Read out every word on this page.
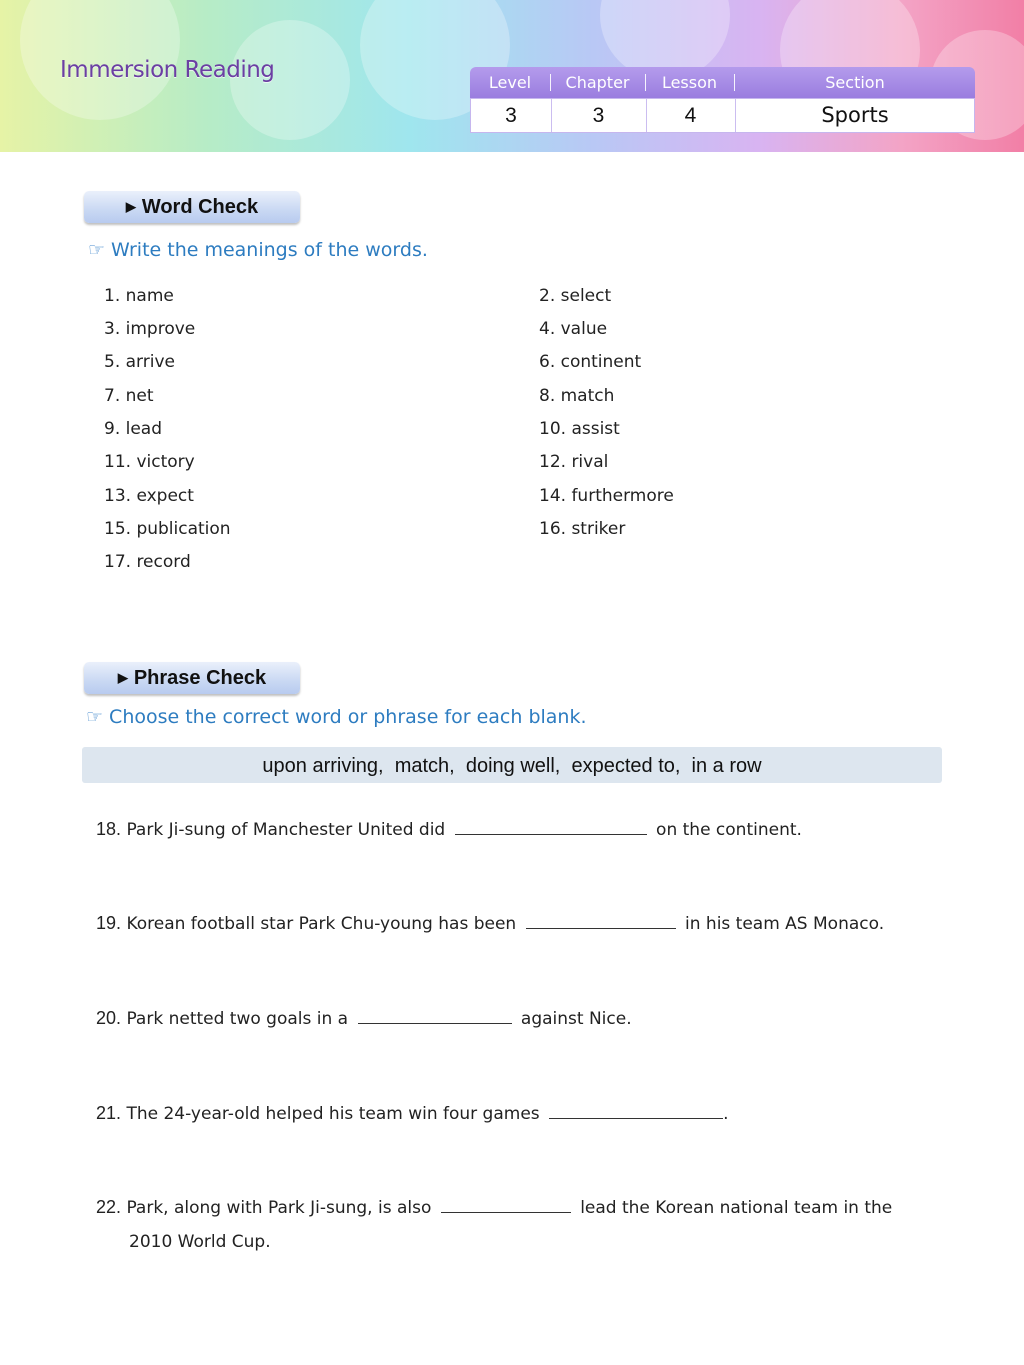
Immersion Reading	Level	Chapter	Lesson	Section
3	3	4	Sports
▶ Word Check
☞ Write the meanings of the words.
1. name	2. select
3. improve	4. value
5. arrive	6. continent
7. net	8. match
9. lead	10. assist
11. victory	12. rival
13. expect	14. furthermore
15. publication	16. striker
17. record
▶ Phrase Check
☞ Choose the correct word or phrase for each blank.
upon arriving,  match,  doing well,  expected to,  in a row
18. Park Ji-sung of Manchester United did	on the continent.
19. Korean football star Park Chu-young has been	in his team AS Monaco.
20. Park netted two goals in a	against Nice.
21. The 24-year-old helped his team win four games	.
22. Park, along with Park Ji-sung, is also	lead the Korean national team in the
2010 World Cup.
